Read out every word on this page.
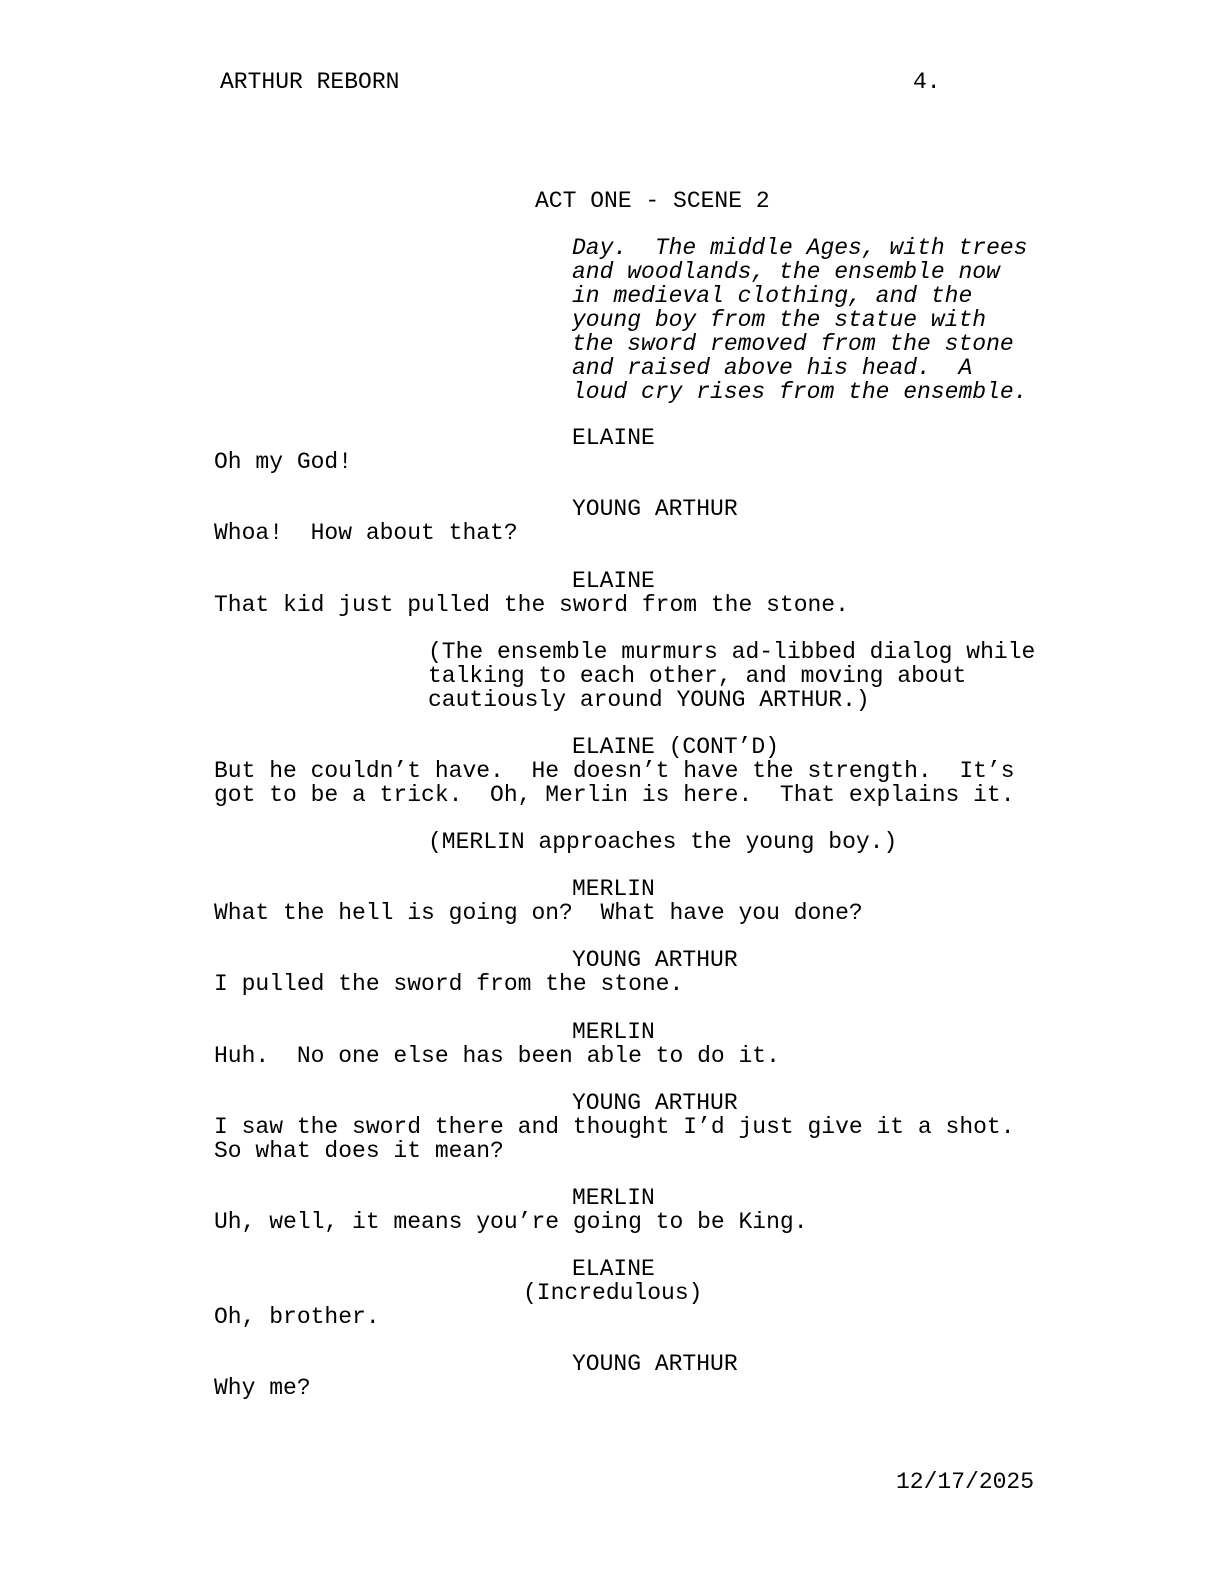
ARTHUR REBORN	4.
ACT ONE - SCENE 2
Day.  The middle Ages, with trees
and woodlands, the ensemble now
in medieval clothing, and the
young boy from the statue with
the sword removed from the stone
and raised above his head.  A
loud cry rises from the ensemble.
ELAINE
Oh my God!
YOUNG ARTHUR
Whoa!  How about that?
ELAINE
That kid just pulled the sword from the stone.
(The ensemble murmurs ad-libbed dialog while
talking to each other, and moving about
cautiously around YOUNG ARTHUR.)
ELAINE (CONT’D)
But he couldn’t have.  He doesn’t have the strength.  It’s
got to be a trick.  Oh, Merlin is here.  That explains it.
(MERLIN approaches the young boy.)
MERLIN
What the hell is going on?  What have you done?
YOUNG ARTHUR
I pulled the sword from the stone.
MERLIN
Huh.  No one else has been able to do it.
YOUNG ARTHUR
I saw the sword there and thought I’d just give it a shot.
So what does it mean?
MERLIN
Uh, well, it means you’re going to be King.
ELAINE
(Incredulous)
Oh, brother.
YOUNG ARTHUR
Why me?
12/17/2025
